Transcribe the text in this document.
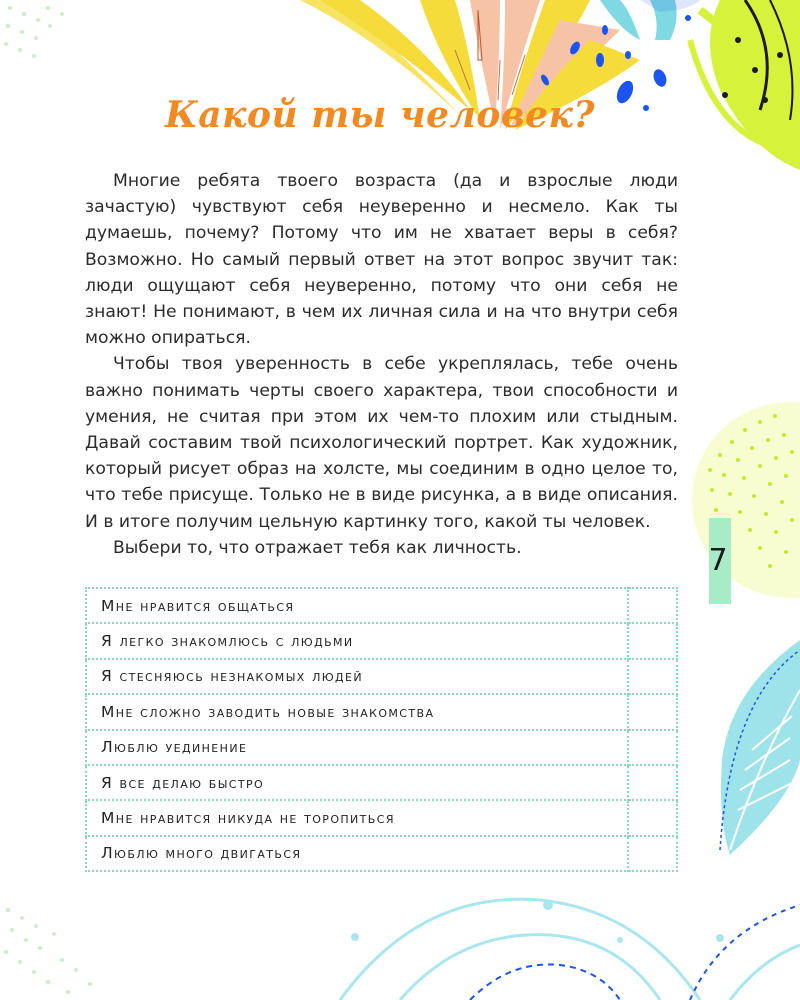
Какой ты человек?

Многие ребята твоего возраста (да и взрослые люди зачастую) чувствуют себя неуверенно и несмело. Как ты думаешь, почему? Потому что им не хватает веры в себя? Возможно. Но самый первый ответ на этот вопрос звучит так: люди ощущают себя неуверенно, потому что они себя не знают! Не понимают, в чем их личная сила и на что внутри себя можно опираться.

Чтобы твоя уверенность в себе укреплялась, тебе очень важно понимать черты своего характера, твои способности и умения, не считая при этом их чем-то плохим или стыдным. Давай составим твой психологический портрет. Как художник, который рисует образ на холсте, мы соединим в одно целое то, что тебе присуще. Только не в виде рисунка, а в виде описания. И в итоге получим цельную картинку того, какой ты человек.

Выбери то, что отражает тебя как личность.

Мне нравится общаться	
Я легко знакомлюсь с людьми	
Я стесняюсь незнакомых людей	
Мне сложно заводить новые знакомства	
Люблю уединение	
Я все делаю быстро	
Мне нравится никуда не торопиться	
Люблю много двигаться	
7
